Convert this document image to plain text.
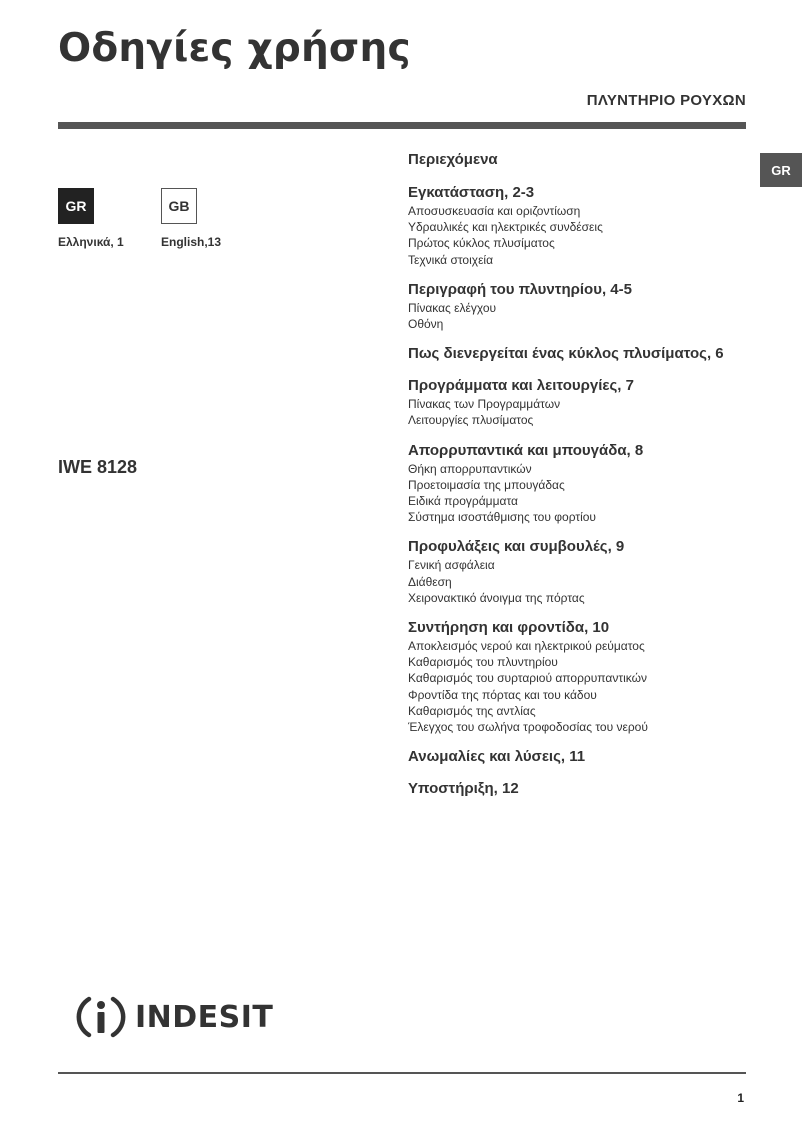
Οδηγίες χρήσης
ΠΛΥΝΤΗΡΙΟ ΡΟΥΧΩΝ
GR
GR	GB
Ελληνικά, 1	English,13
IWE 8128
Περιεχόμενα
Εγκατάσταση, 2-3
Αποσυσκευασία και οριζοντίωση
Υδραυλικές και ηλεκτρικές συνδέσεις
Πρώτος κύκλος πλυσίματος
Τεχνικά στοιχεία
Περιγραφή του πλυντηρίου, 4-5
Πίνακας ελέγχου
Οθόνη
Πως διενεργείται ένας κύκλος πλυσίματος, 6
Προγράμματα και λειτουργίες, 7
Πίνακας των Προγραμμάτων
Λειτουργίες πλυσίματος
Απορρυπαντικά και μπουγάδα, 8
Θήκη απορρυπαντικών
Προετοιμασία της μπουγάδας
Ειδικά προγράμματα
Σύστημα ισοστάθμισης του φορτίου
Προφυλάξεις και συμβουλές, 9
Γενική ασφάλεια
Διάθεση
Χειρονακτικό άνοιγμα της πόρτας
Συντήρηση και φροντίδα, 10
Αποκλεισμός νερού και ηλεκτρικού ρεύματος
Καθαρισμός του πλυντηρίου
Καθαρισμός του συρταριού απορρυπαντικών
Φροντίδα της πόρτας και του κάδου
Καθαρισμός της αντλίας
Έλεγχος του σωλήνα τροφοδοσίας του νερού
Ανωμαλίες και λύσεις, 11
Υποστήριξη, 12
INDESIT
1
